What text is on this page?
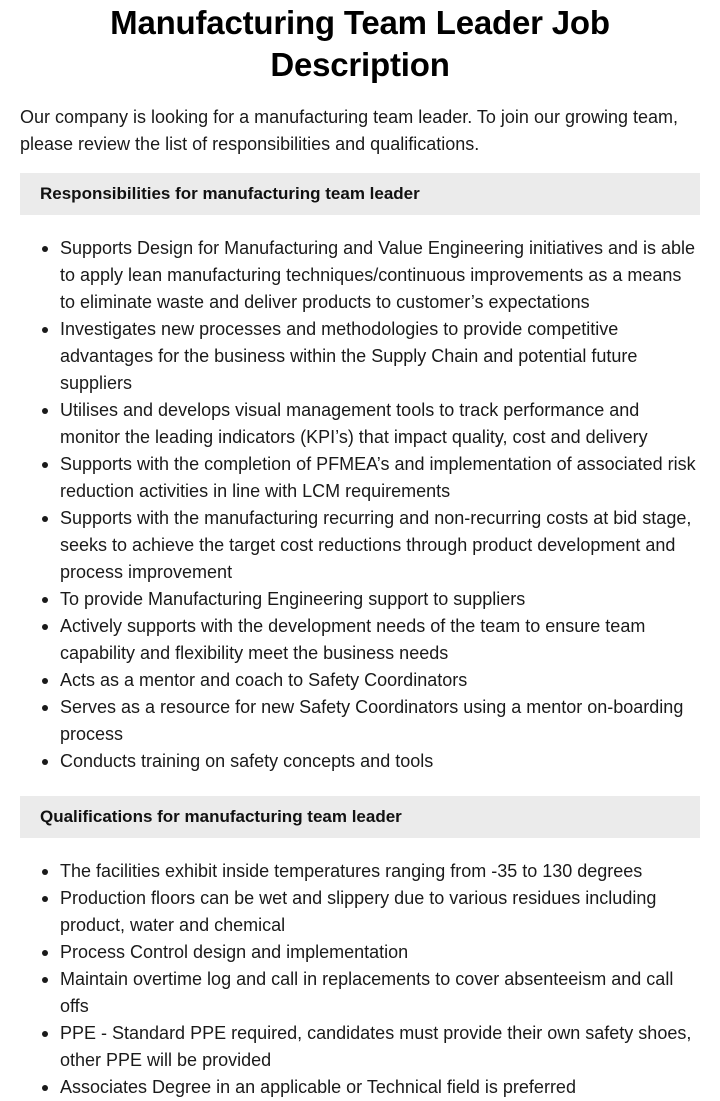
Manufacturing Team Leader Job Description

Our company is looking for a manufacturing team leader. To join our growing team, please review the list of responsibilities and qualifications.

Responsibilities for manufacturing team leader
Supports Design for Manufacturing and Value Engineering initiatives and is able to apply lean manufacturing techniques/continuous improvements as a means to eliminate waste and deliver products to customer’s expectations
Investigates new processes and methodologies to provide competitive advantages for the business within the Supply Chain and potential future suppliers
Utilises and develops visual management tools to track performance and monitor the leading indicators (KPI’s) that impact quality, cost and delivery
Supports with the completion of PFMEA’s and implementation of associated risk reduction activities in line with LCM requirements
Supports with the manufacturing recurring and non-recurring costs at bid stage, seeks to achieve the target cost reductions through product development and process improvement
To provide Manufacturing Engineering support to suppliers
Actively supports with the development needs of the team to ensure team capability and flexibility meet the business needs
Acts as a mentor and coach to Safety Coordinators
Serves as a resource for new Safety Coordinators using a mentor on-boarding process
Conducts training on safety concepts and tools
Qualifications for manufacturing team leader
The facilities exhibit inside temperatures ranging from -35 to 130 degrees
Production floors can be wet and slippery due to various residues including product, water and chemical
Process Control design and implementation
Maintain overtime log and call in replacements to cover absenteeism and call offs
PPE - Standard PPE required, candidates must provide their own safety shoes, other PPE will be provided
Associates Degree in an applicable or Technical field is preferred
